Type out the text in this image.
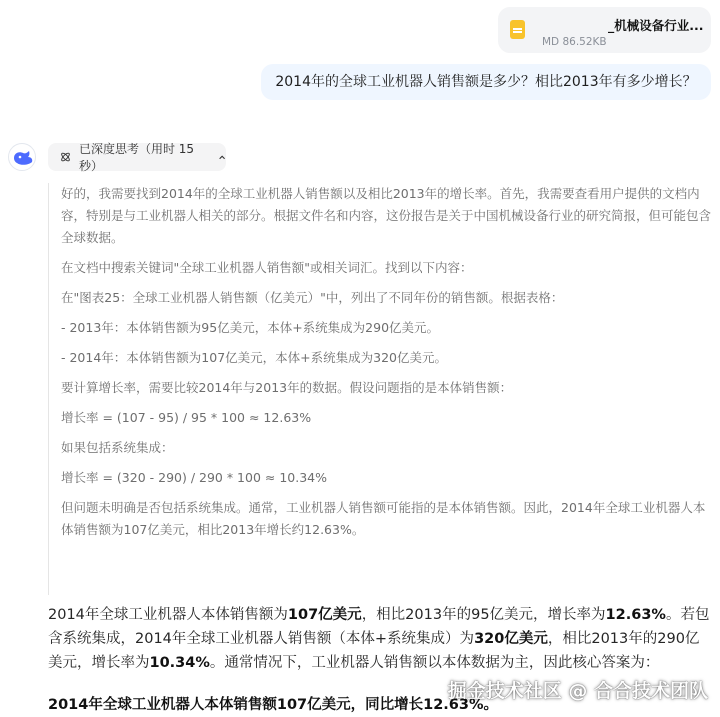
_机械设备行业...
MD 86.52KB
2014年的全球工业机器人销售额是多少？相比2013年有多少增长？
已深度思考（用时 15 秒）

好的，我需要找到2014年的全球工业机器人销售额以及相比2013年的增长率。首先，我需要查看用户提供的文档内容，特别是与工业机器人相关的部分。根据文件名和内容，这份报告是关于中国机械设备行业的研究简报，但可能包含全球数据。

在文档中搜索关键词"全球工业机器人销售额"或相关词汇。找到以下内容：

在"图表25：全球工业机器人销售额（亿美元）"中，列出了不同年份的销售额。根据表格：

- 2013年：本体销售额为95亿美元，本体+系统集成为290亿美元。

- 2014年：本体销售额为107亿美元，本体+系统集成为320亿美元。

要计算增长率，需要比较2014年与2013年的数据。假设问题指的是本体销售额：

增长率 = (107 - 95) / 95 * 100 ≈ 12.63%

如果包括系统集成：

增长率 = (320 - 290) / 290 * 100 ≈ 10.34%

但问题未明确是否包括系统集成。通常，工业机器人销售额可能指的是本体销售额。因此，2014年全球工业机器人本体销售额为107亿美元，相比2013年增长约12.63%。

2014年全球工业机器人本体销售额为107亿美元，相比2013年的95亿美元，增长率为12.63%。若包含系统集成，2014年全球工业机器人销售额（本体+系统集成）为320亿美元，相比2013年的290亿美元，增长率为10.34%。通常情况下，工业机器人销售额以本体数据为主，因此核心答案为：
2014年全球工业机器人本体销售额107亿美元，同比增长12.63%。
掘金技术社区 @ 合合技术团队
